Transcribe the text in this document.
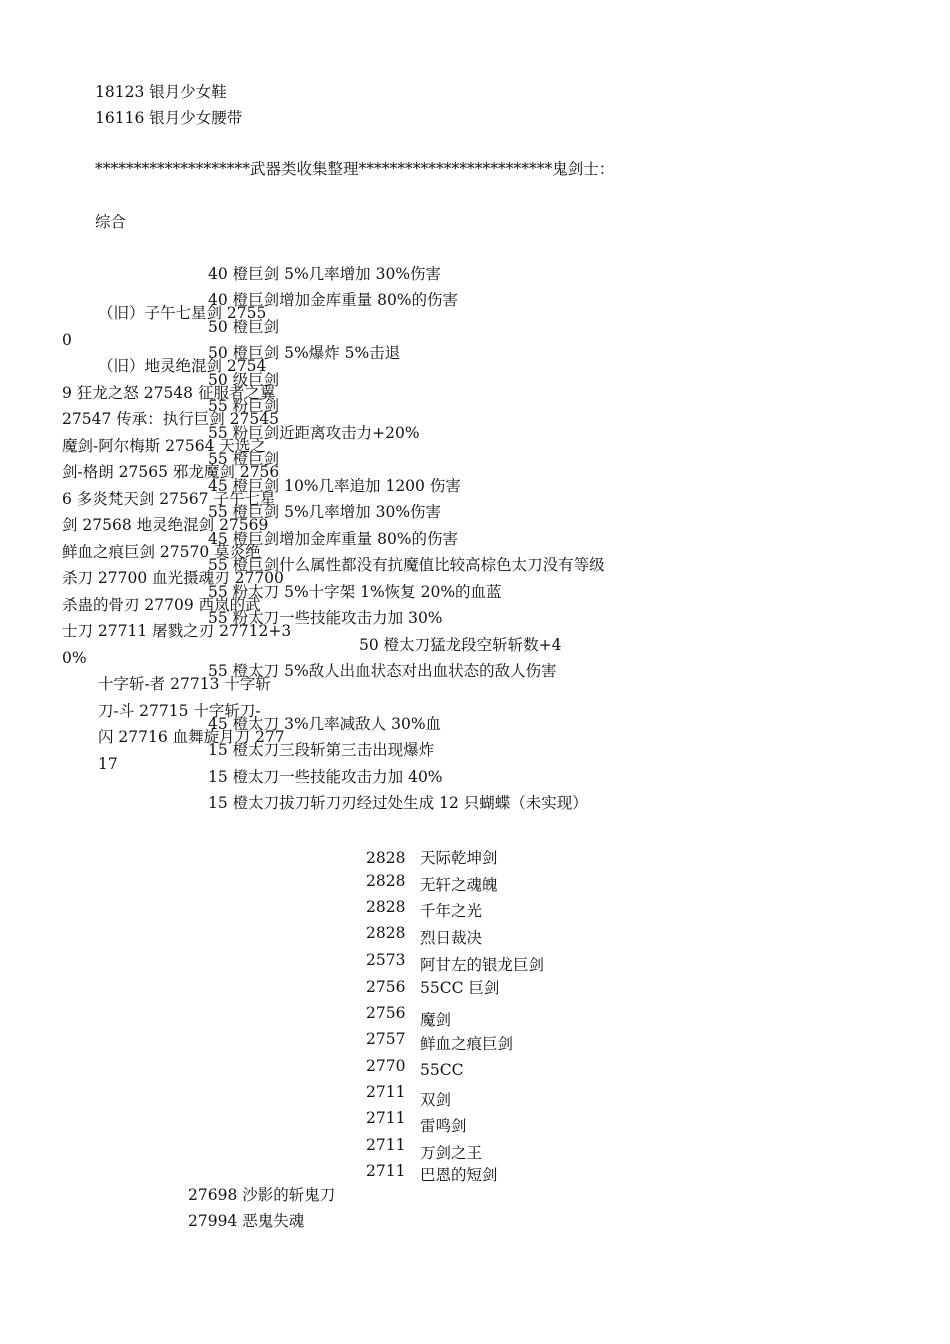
18123 银月少女鞋
16116 银月少女腰带
********************武器类收集整理*************************鬼剑士：
综合
（旧）子午七星剑 2755
0
（旧）地灵绝混剑 2754
9 狂龙之怒 27548 征服者之翼
27547 传承：执行巨剑 27545
魔剑-阿尔梅斯 27564 天选之
剑-格朗 27565 邪龙魔剑 2756
6 多炎梵天剑 27567 子午七星
剑 27568 地灵绝混剑 27569
鲜血之痕巨剑 27570 莫炎绝
杀刀 27700 血光摄魂刃 27700
杀蛊的骨刃 27709 西岚的武
士刀 27711 屠戮之刃 27712+3
0%
十字斩-者 27713 十字斩
刀-斗 27715 十字斩刀-
闪 27716 血舞旋月刀 277
17
40 橙巨剑 5%几率增加 30%伤害
40 橙巨剑增加金库重量 80%的伤害
50 橙巨剑
50 橙巨剑 5%爆炸 5%击退
50 级巨剑
55 粉巨剑
55 粉巨剑近距离攻击力+20%
55 橙巨剑
45 橙巨剑 10%几率追加 1200 伤害
55 橙巨剑 5%几率增加 30%伤害
45 橙巨剑增加金库重量 80%的伤害
55 橙巨剑什么属性都没有抗魔值比较高棕色太刀没有等级
55 粉太刀 5%十字架 1%恢复 20%的血蓝
55 粉太刀一些技能攻击力加 30%
50 橙太刀猛龙段空斩斩数+4
55 橙太刀 5%敌人出血状态对出血状态的敌人伤害
45 橙太刀 3%几率减敌人 30%血
15 橙太刀三段斩第三击出现爆炸
15 橙太刀一些技能攻击力加 40%
15 橙太刀拔刀斩刀刃经过处生成 12 只蝴蝶（未实现）
2828 天际乾坤剑
2828 无轩之魂魄
2828 千年之光
2828 烈日裁决
2573 阿甘左的银龙巨剑
2756 55CC 巨剑
2756 魔剑
2757 鲜血之痕巨剑
2770 55CC
2711 双剑
2711 雷鸣剑
2711 万剑之王
2711 巴恩的短剑
27698 沙影的斩鬼刀
27994 恶鬼失魂
